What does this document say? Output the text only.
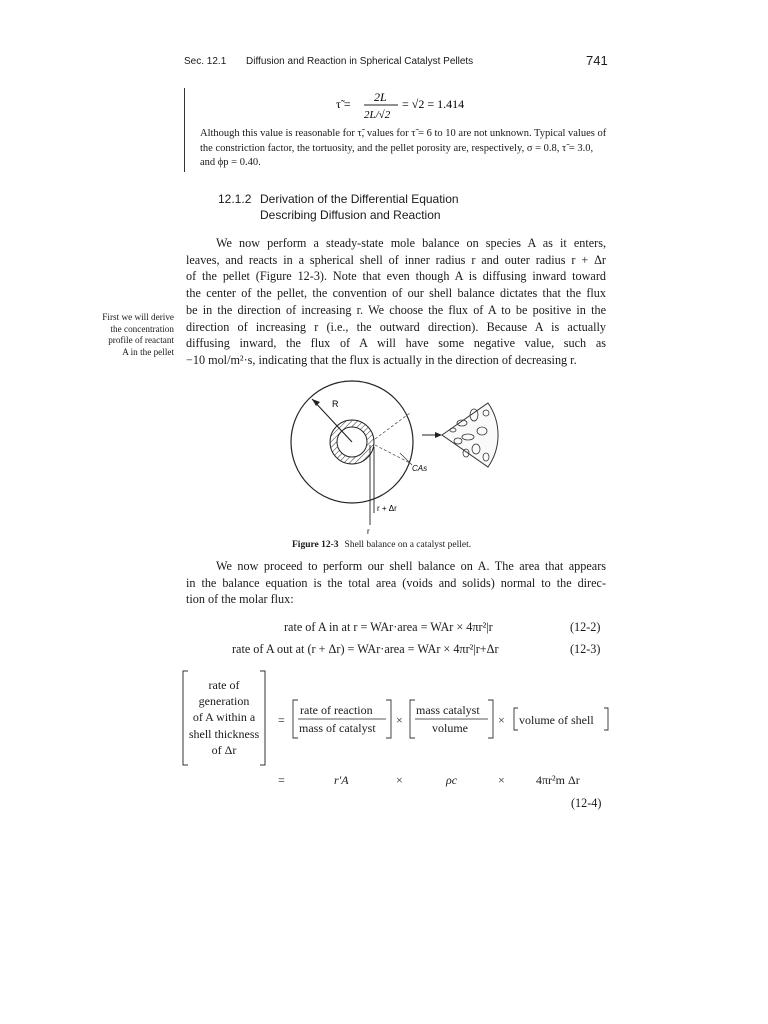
Sec. 12.1 Diffusion and Reaction in Spherical Catalyst Pellets	741
τ̃ = 2L
2L/√2
= √2 = 1.414
Although this value is reasonable for τ̃, values for τ̃ = 6 to 10 are not unknown. Typical values of the constriction factor, the tortuosity, and the pellet porosity are, respectively, σ = 0.8, τ̃ = 3.0, and ϕp = 0.40.
12.1.2 Derivation of the Differential Equation
Describing Diffusion and Reaction
We now perform a steady-state mole balance on species A as it enters,
leaves, and reacts in a spherical shell of inner radius r and outer radius r + Δr
of the pellet (Figure 12-3). Note that even though A is diffusing inward toward
the center of the pellet, the convention of our shell balance dictates that the flux
be in the direction of increasing r. We choose the flux of A to be positive in the
direction of increasing r (i.e., the outward direction). Because A is actually
diffusing inward, the flux of A will have some negative value, such as
−10 mol/m²·s, indicating that the flux is actually in the direction of decreasing r.
First we will derive
the concentration
profile of reactant
A in the pellet
R
CAs
r + Δr
r
Figure 12-3 Shell balance on a catalyst pellet.
We now proceed to perform our shell balance on A. The area that appears
in the balance equation is the total area (voids and solids) normal to the direc-
tion of the molar flux:
rate of A in at r = WAr·area = WAr × 4πr²|r	(12-2)
rate of A out at (r + Δr) = WAr·area = WAr × 4πr²|r+Δr	(12-3)
rate of
generation
of A within a
shell thickness
of Δr
=
rate of reaction
mass of catalyst
×
mass catalyst
volume
× volume of shell
=	r′A	×	ρc	×	4πr²m Δr
(12-4)
